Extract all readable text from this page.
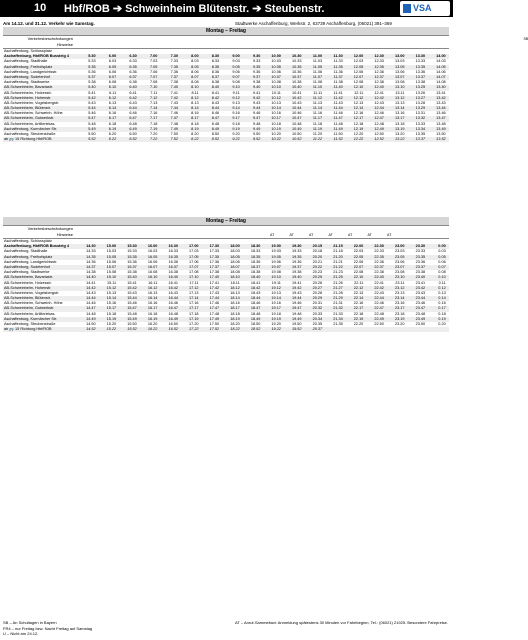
10 Hbf/ROB ➔ Schweinheim Blütenstr. ➔ Steubenstr.	VSA
Am 14.12. und 31.12. Verkehr wie Samstag.	Stadtwerke Aschaffenburg, Werkstr. 2, 63739 Aschaffenburg, (06021) 391–369
Montag – Freitag
Verkehrsbeschränkungen	SB
Hinweise
Aschaffenburg, Schlossplatz
Aschaffenburg, Hbf/ROB Bussteig 4	5.30	6.00	6.30	7.00	7.30	8.00	8.30	9.00	9.30	10.00	10.30	11.00	11.30	12.00	12.30	13.00	13.30	14.00
Aschaffenburg, Stadthalle	5.33	6.03	6.33	7.03	7.33	8.03	8.33	9.03	9.33	10.03	10.33	11.03	11.33	12.03	12.33	13.03	13.33	14.03
Aschaffenburg, Freihofsplatz	5.35	6.05	6.35	7.05	7.35	8.05	8.35	9.05	9.35	10.05	10.35	11.05	11.35	12.05	12.35	13.05	13.35	14.05
Aschaffenburg, Landgerichtsstr.	5.36	6.06	6.36	7.06	7.36	8.06	8.36	9.06	9.36	10.06	10.36	11.06	11.36	12.06	12.36	13.06	13.36	14.06
Aschaffenburg, Sudetenhof	5.37	6.07	6.37	7.07	7.37	8.07	8.37	9.07	9.37	10.07	10.37	11.07	11.37	12.07	12.37	13.07	13.37	14.07
Aschaffenburg, Stadtwerke	5.38	6.08	6.38	7.08	7.38	8.08	8.38	9.08	9.38	10.08	10.38	11.08	11.38	12.08	12.38	13.08	13.38	14.08
AB-Schweinheim, Bavariastr.	5.40	6.10	6.40	7.10	7.40	8.10	8.40	9.10	9.40	10.10	10.40	11.10	11.40	12.10	12.40	13.10	13.25	13.40
AB-Schweinheim, Holzesstr.	5.41	6.11	6.41	7.11	7.41	8.11	8.41	9.11	9.41	10.11	10.41	11.11	11.41	12.11	12.41	13.11	13.26	13.41
AB-Schweinheim, Hohenstr.	5.42	6.12	6.42	7.12	7.42	8.12	8.42	9.12	9.42	10.12	10.42	11.12	11.42	12.12	12.42	13.12	13.27	13.42
AB-Schweinheim, Vogelsbergstr.	5.43	6.13	6.43	7.13	7.43	8.13	8.43	9.13	9.43	10.13	10.43	11.13	11.43	12.13	12.43	13.13	13.28	13.43
AB-Schweinheim, Blütenstr.	5.44	6.14	6.44	7.14	7.44	8.14	8.44	9.14	9.44	10.14	10.44	11.14	11.44	12.14	12.44	13.14	13.29	13.44
AB-Schweinheim, Schweinh. Höhe	5.46	6.16	6.46	7.16	7.46	8.16	8.46	9.16	9.46	10.16	10.46	11.16	11.46	12.16	12.46	13.16	13.31	13.46
AB-Schweinheim, Gutwerkstr.	5.47	6.17	6.47	7.17	7.47	8.17	8.47	9.17	9.47	10.17	10.47	11.17	11.47	12.17	12.47	13.17	13.32	13.47
AB-Schweinheim, Artilleriekas.	5.48	6.18	6.48	7.18	7.48	8.18	8.48	9.18	9.48	10.18	10.48	11.18	11.48	12.18	12.48	13.18	13.33	13.48
Aschaffenburg, Kurmärcher Str.	5.49	6.19	6.49	7.19	7.49	8.19	8.49	9.19	9.49	10.19	10.49	11.19	11.49	12.19	12.49	13.19	13.34	13.49
Aschaffenburg, Steubenstraße	5.50	6.20	6.50	7.20	7.50	8.20	8.50	9.20	9.50	10.20	10.50	11.20	11.50	12.20	12.50	13.20	13.35	13.50
ab 🚌 15 Richtung Hbf/ROB	5.52	6.22	6.52	7.22	7.52	8.22	8.52	9.22	9.52	10.22	10.52	11.22	11.52	12.22	12.52	13.22	13.37	13.52
Montag – Freitag
Verkehrsbeschränkungen
Hinweise	AT	AT	AT	AT	AT	AT	AT
Aschaffenburg, Schlossplatz
Aschaffenburg, Hbf/ROB Bussteig 4	14.30	15.00	15.30	16.00	16.30	17.00	17.30	18.00	18.30	19.00	19.30	20.15	21.15	22.00	22.30	23.00	23.30	0.00
Aschaffenburg, Stadthalle	14.33	15.03	15.33	16.03	16.33	17.03	17.33	18.03	18.33	19.03	19.33	20.18	21.18	22.03	22.33	23.03	23.33	0.03
Aschaffenburg, Freihofsplatz	14.35	15.05	15.35	16.05	16.35	17.05	17.35	18.05	18.35	19.05	19.35	20.20	21.20	22.05	22.35	23.05	23.35	0.05
Aschaffenburg, Landgerichtsstr.	14.36	15.06	15.36	16.06	16.36	17.06	17.36	18.06	18.36	19.06	19.36	20.21	21.21	22.06	22.36	23.06	23.36	0.06
Aschaffenburg, Sudetenhof	14.37	15.07	15.37	16.07	16.37	17.07	17.37	18.07	18.37	19.07	19.37	20.22	21.22	22.07	22.37	23.07	23.37	0.07
Aschaffenburg, Stadtwerke	14.38	15.08	15.38	16.08	16.38	17.08	17.38	18.08	18.38	19.08	19.38	20.23	21.23	22.08	22.38	23.08	23.38	0.08
AB-Schweinheim, Bavariastr.	14.40	15.10	15.40	16.10	16.40	17.10	17.40	18.10	18.40	19.10	19.40	20.25	21.25	22.10	22.40	23.10	23.40	0.10
AB-Schweinheim, Holzesstr.	14.41	15.11	15.41	16.11	16.41	17.11	17.41	18.11	18.41	19.11	19.41	20.26	21.26	22.11	22.41	23.11	23.41	0.11
AB-Schweinheim, Hohenstr.	14.42	15.12	15.42	16.12	16.42	17.12	17.42	18.12	18.42	19.12	19.42	20.27	21.27	22.12	22.42	23.12	23.42	0.12
AB-Schweinheim, Vogelsbergstr.	14.43	15.13	15.43	16.13	16.43	17.13	17.43	18.13	18.43	19.13	19.43	20.28	21.28	22.13	22.43	23.13	23.43	0.13
AB-Schweinheim, Blütenstr.	14.44	15.14	15.44	16.14	16.44	17.14	17.44	18.14	18.44	19.14	19.44	20.29	21.29	22.14	22.44	23.14	23.44	0.14
AB-Schweinheim, Schweinh. Höhe	14.46	15.16	15.46	16.16	16.46	17.16	17.46	18.16	18.46	19.16	19.46	20.31	21.31	22.16	22.46	23.16	23.46	0.16
AB-Schweinheim, Gutwerkstr.	14.47	15.17	15.47	16.17	16.47	17.17	17.47	18.17	18.47	19.17	19.47	20.32	21.32	22.17	22.47	23.17	23.47	0.17
AB-Schweinheim, Artilleriekas.	14.48	15.18	15.48	16.18	16.48	17.18	17.48	18.18	18.48	19.18	19.48	20.33	21.33	22.18	22.48	23.18	23.48	0.18
Aschaffenburg, Kurmärcher Str.	14.49	15.19	15.49	16.19	16.49	17.19	17.49	18.19	18.49	19.19	19.49	20.34	21.34	22.19	22.49	23.19	23.49	0.19
Aschaffenburg, Steubenstraße	14.50	15.20	15.50	16.20	16.50	17.20	17.50	18.20	18.50	19.20	19.50	20.35	21.35	22.20	22.50	23.20	23.50	0.20
ab 🚌 15 Richtung Hbf/ROB	14.52	15.22	15.52	16.22	16.52	17.22	17.52	18.22	18.52	19.22	19.52	20.37
SB – An Schultagen in Bayern
FR4 – nur Freitag bzw. Nacht Freitag auf Samstag
U – Nicht am 24.12.
AT – Anruf-Sammeltaxi: Anmeldung spätestens 30 Minuten vor Fahrtbeginn, Tel.: (06021) 21925. Besondere Fahrpreise.
